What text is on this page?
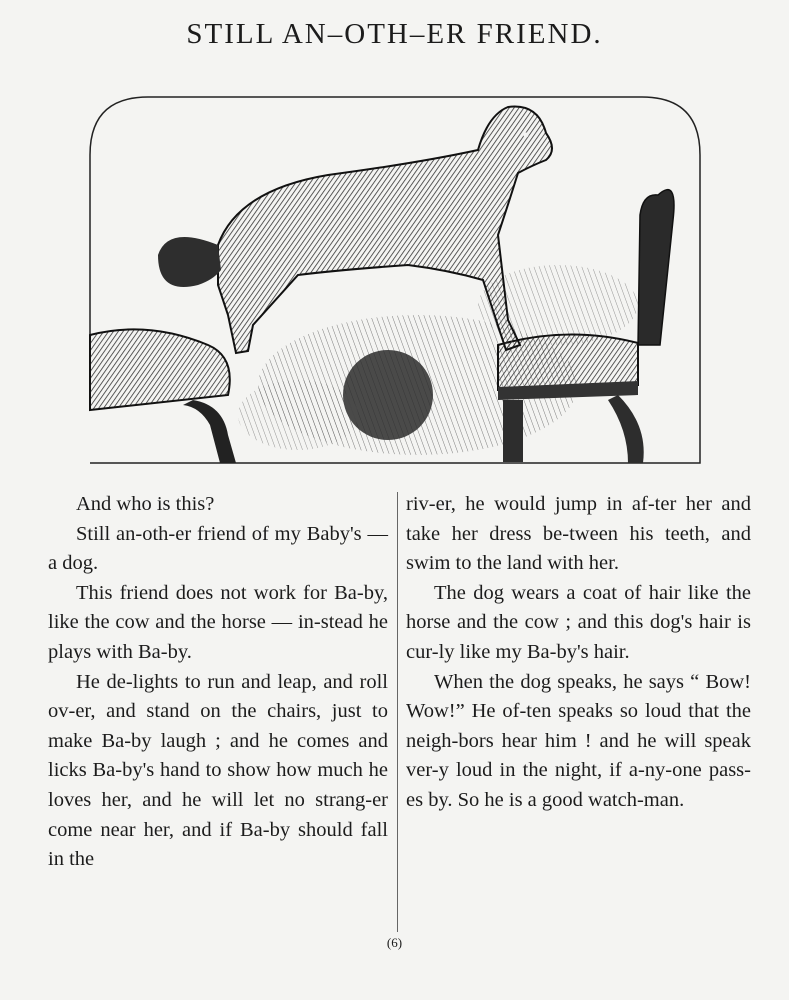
STILL AN–OTH–ER FRIEND.

And who is this?

Still an-oth-er friend of my Baby's — a dog.

This friend does not work for Ba-by, like the cow and the horse — in-stead he plays with Ba-by.

He de-lights to run and leap, and roll ov-er, and stand on the chairs, just to make Ba-by laugh ; and he comes and licks Ba-by's hand to show how much he loves her, and he will let no strang-er come near her, and if Ba-by should fall in the

riv-er, he would jump in af-ter her and take her dress be-tween his teeth, and swim to the land with her.

The dog wears a coat of hair like the horse and the cow ; and this dog's hair is cur-ly like my Ba-by's hair.

When the dog speaks, he says “ Bow! Wow!” He of-ten speaks so loud that the neigh-bors hear him ! and he will speak ver-y loud in the night, if a-ny-one pass-es by. So he is a good watch-man.

(6)
